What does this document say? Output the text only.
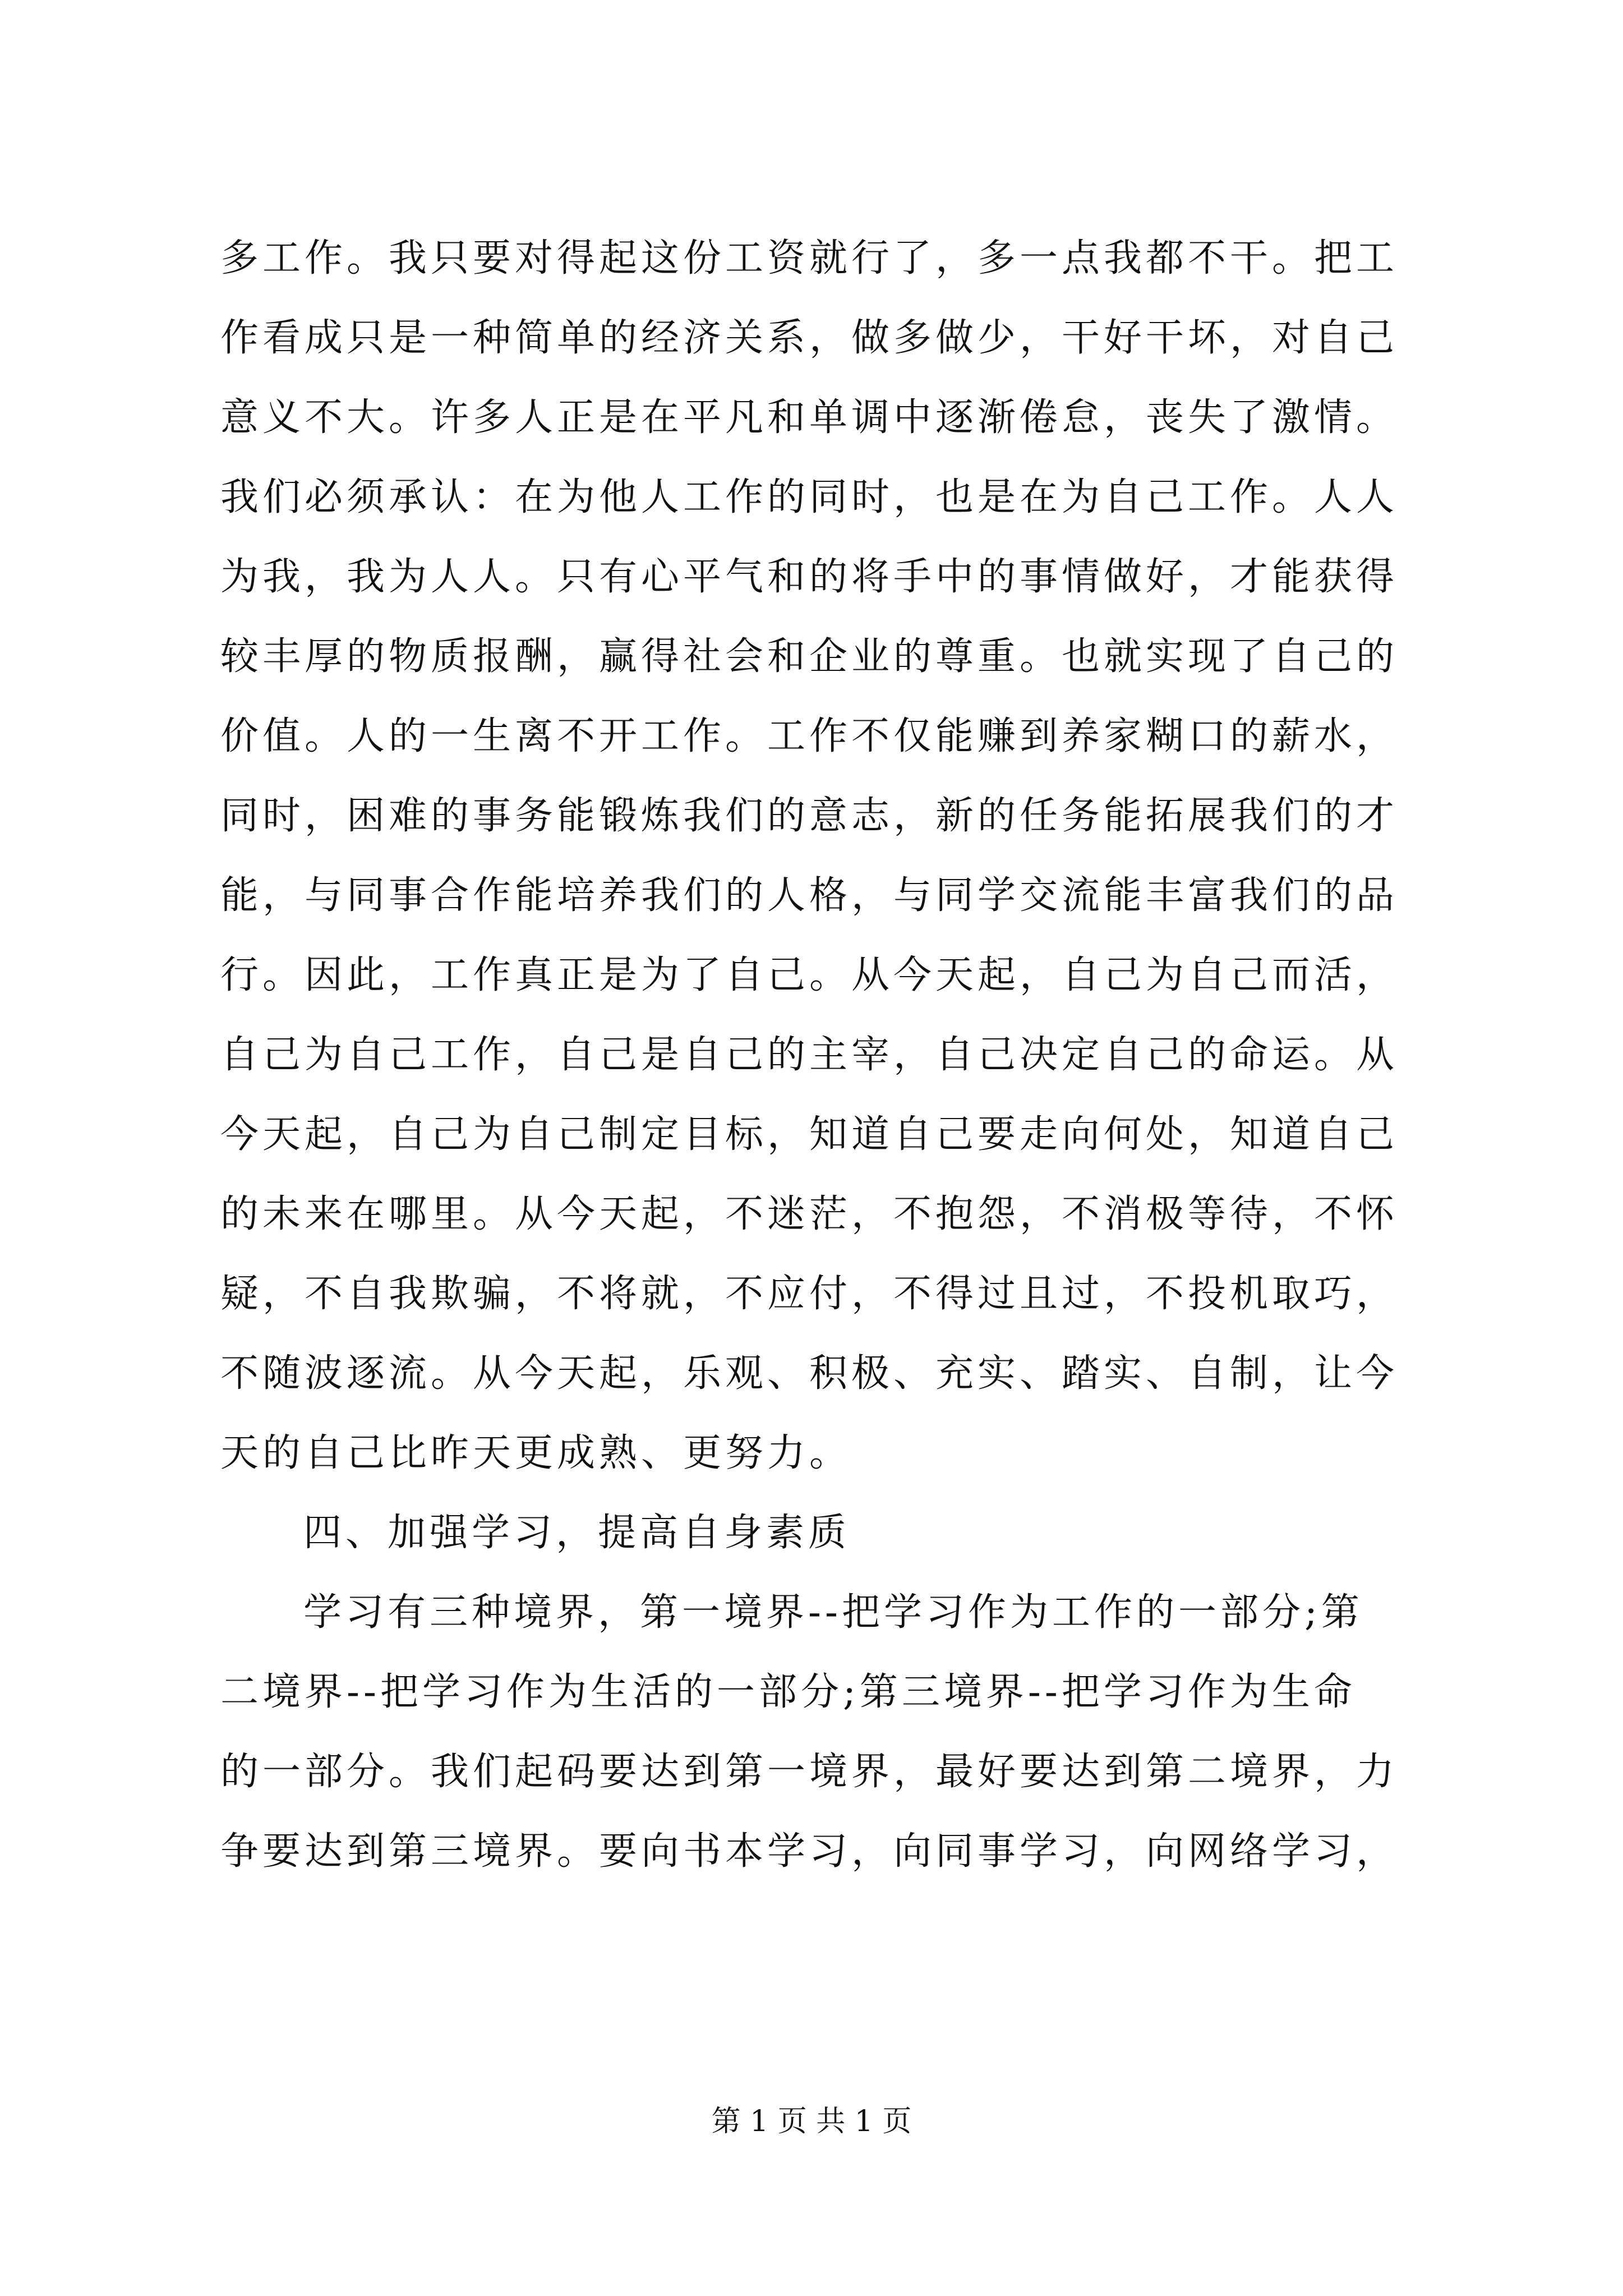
多工作。我只要对得起这份工资就行了，多一点我都不干。把工
作看成只是一种简单的经济关系，做多做少，干好干坏，对自己
意义不大。许多人正是在平凡和单调中逐渐倦怠，丧失了激情。
我们必须承认：在为他人工作的同时，也是在为自己工作。人人
为我，我为人人。只有心平气和的将手中的事情做好，才能获得
较丰厚的物质报酬，赢得社会和企业的尊重。也就实现了自己的
价值。人的一生离不开工作。工作不仅能赚到养家糊口的薪水，
同时，困难的事务能锻炼我们的意志，新的任务能拓展我们的才
能，与同事合作能培养我们的人格，与同学交流能丰富我们的品
行。因此，工作真正是为了自己。从今天起，自己为自己而活，
自己为自己工作，自己是自己的主宰，自己决定自己的命运。从
今天起，自己为自己制定目标，知道自己要走向何处，知道自己
的未来在哪里。从今天起，不迷茫，不抱怨，不消极等待，不怀
疑，不自我欺骗，不将就，不应付，不得过且过，不投机取巧，
不随波逐流。从今天起，乐观、积极、充实、踏实、自制，让今
天的自己比昨天更成熟、更努力。
四、加强学习，提高自身素质
学习有三种境界，第一境界--把学习作为工作的一部分;第
二境界--把学习作为生活的一部分;第三境界--把学习作为生命
的一部分。我们起码要达到第一境界，最好要达到第二境界，力
争要达到第三境界。要向书本学习，向同事学习，向网络学习，
第 1 页 共 1 页
